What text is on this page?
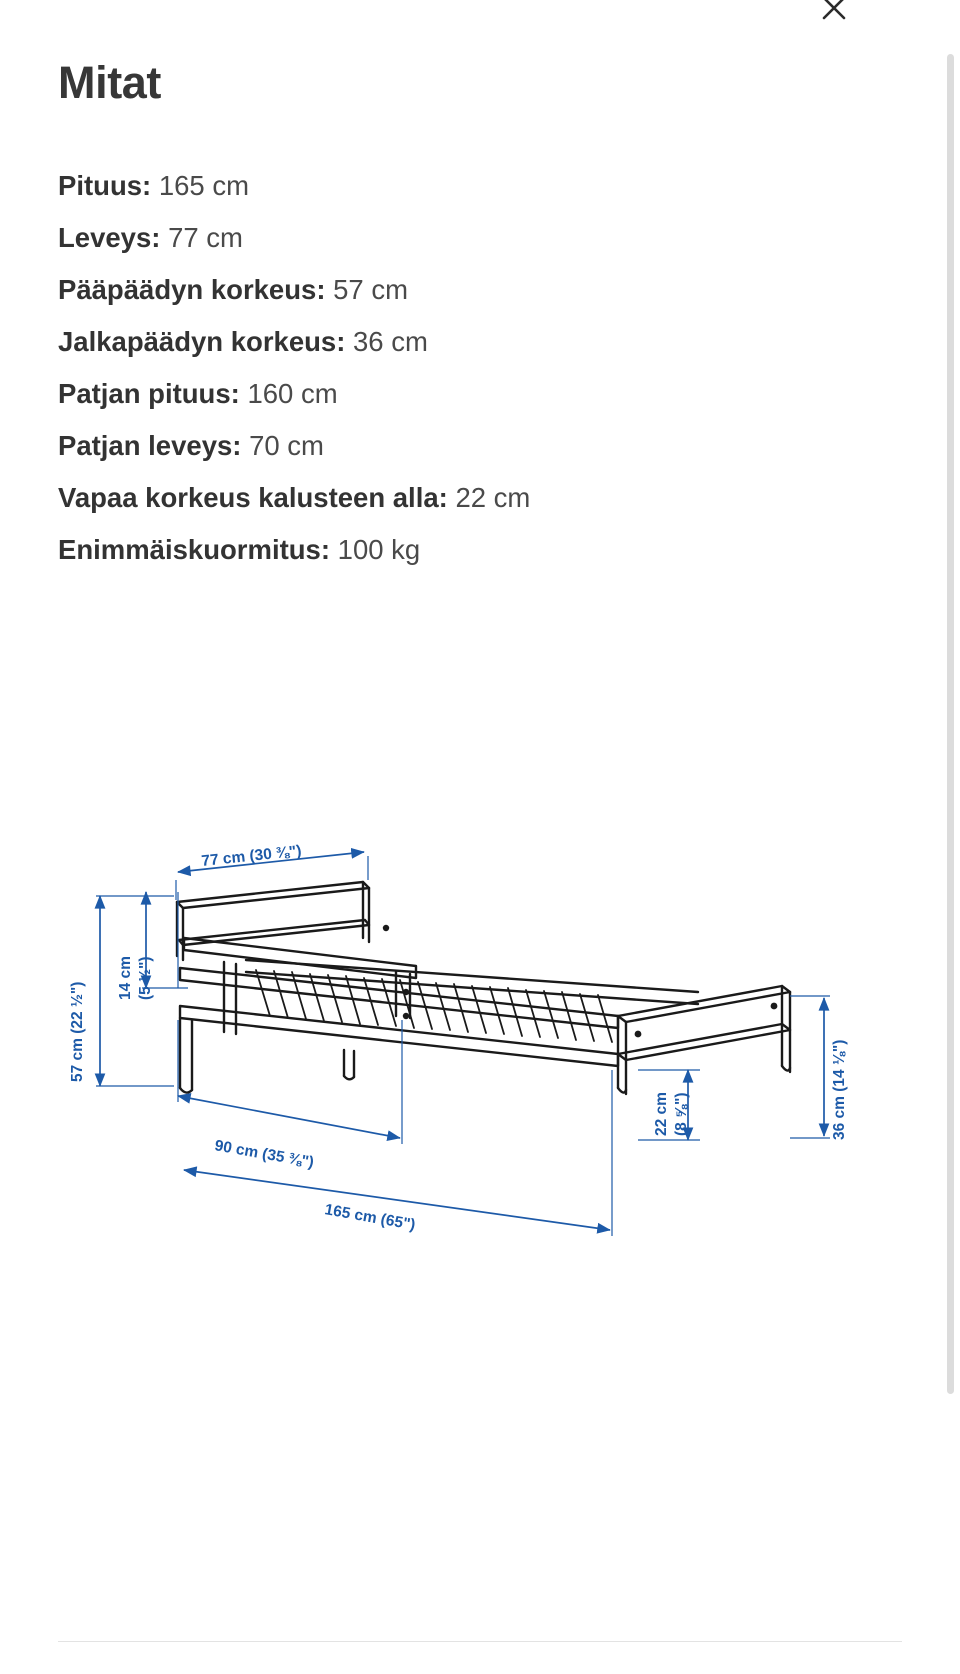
Mitat
Pituus: 165 cm
Leveys: 77 cm
Pääpäädyn korkeus: 57 cm
Jalkapäädyn korkeus: 36 cm
Patjan pituus: 160 cm
Patjan leveys: 70 cm
Vapaa korkeus kalusteen alla: 22 cm
Enimmäiskuormitus: 100 kg
77 cm (30 ⅜")
57 cm (22 ½")
14 cm (5 ½")
90 cm (35 ⅜")
165 cm (65")
22 cm (8 ⅝")	36 cm (14 ⅛")
